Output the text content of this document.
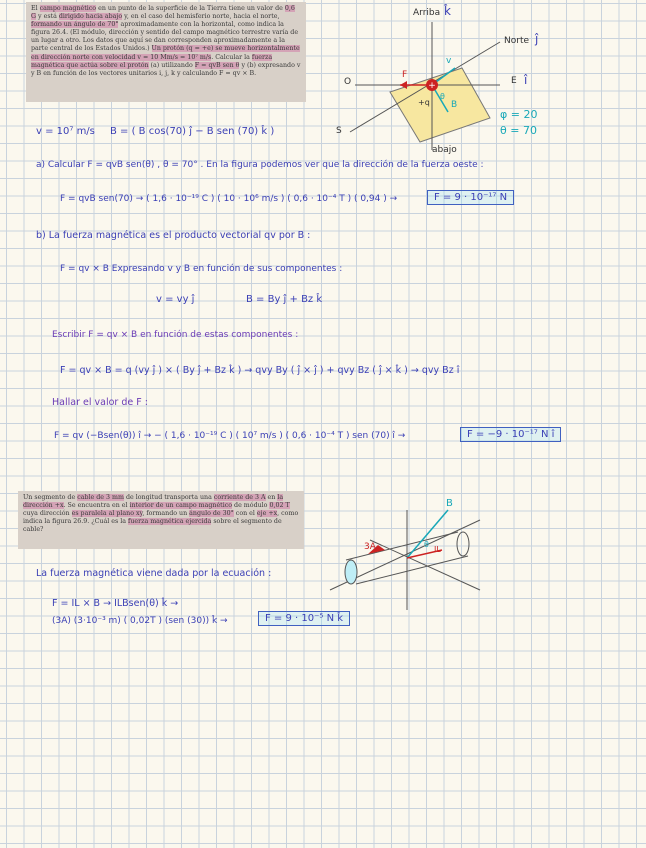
El campo magnético en un punto de la superficie de la Tierra tiene un valor de 0,6 G y está dirigido hacia abajo y, en el caso del hemisferio norte, hacia el norte, formando un ángulo de 70° aproximadamente con la horizontal, como indica la figura 26.4. (El módulo, dirección y sentido del campo magnético terrestre varía de un lugar a otro. Los datos que aquí se dan corresponden aproximadamente a la parte central de los Estados Unidos.) Un protón (q = +e) se mueve horizontalmente en dirección norte con velocidad v = 10 Mm/s = 10⁷ m/s. Calcular la fuerza magnética que actúa sobre el protón (a) utilizando F = qvB sen θ y (b) expresando v y B en función de los vectores unitarios i, j, k y calculando F = qv × B.

+
Arriba k̂
Norte ĵ
E î
O
S
abajo
F
v
B
+q
θ
φ = 20
θ = 70
v = 10⁷ m/s B = ( B cos(70) ĵ − B sen (70) k̂ )
a) Calcular F = qvB sen(θ) , θ = 70° . En la figura podemos ver que la dirección de la fuerza oeste :
F = qvB sen(70) → ( 1,6 · 10⁻¹⁹ C ) ( 10 · 10⁶ m/s ) ( 0,6 · 10⁻⁴ T ) ( 0,94 ) →	F = 9 · 10⁻¹⁷ N
b) La fuerza magnética es el producto vectorial qv por B :
F = qv × B Expresando v y B en función de sus componentes :
v = vy ĵ	B = By ĵ + Bz k̂
Escribir F = qv × B en función de estas componentes :
F = qv × B = q (vy ĵ ) × ( By ĵ + Bz k̂ ) → qvy By ( ĵ × ĵ ) + qvy Bz ( ĵ × k̂ ) → qvy Bz î
Hallar el valor de F :
F = qv (−Bsen(θ)) î → − ( 1,6 · 10⁻¹⁹ C ) ( 10⁷ m/s ) ( 0,6 · 10⁻⁴ T ) sen (70) î →	F = −9 · 10⁻¹⁷ N î

Un segmento de cable de 3 mm de longitud transporta una corriente de 3 A en la dirección +x. Se encuentra en el interior de un campo magnético de módulo 0,02 T cuya dirección es paralela al plano xy, formando un ángulo de 30° con el eje +x, como indica la figura 26.9. ¿Cuál es la fuerza magnética ejercida sobre el segmento de cable?

B
3A	θ
IL
La fuerza magnética viene dada por la ecuación :
F = IL × B → ILBsen(θ) k̂ →
(3A) (3·10⁻³ m) ( 0,02T ) (sen (30)) k̂ →	F = 9 · 10⁻⁵ N k̂
